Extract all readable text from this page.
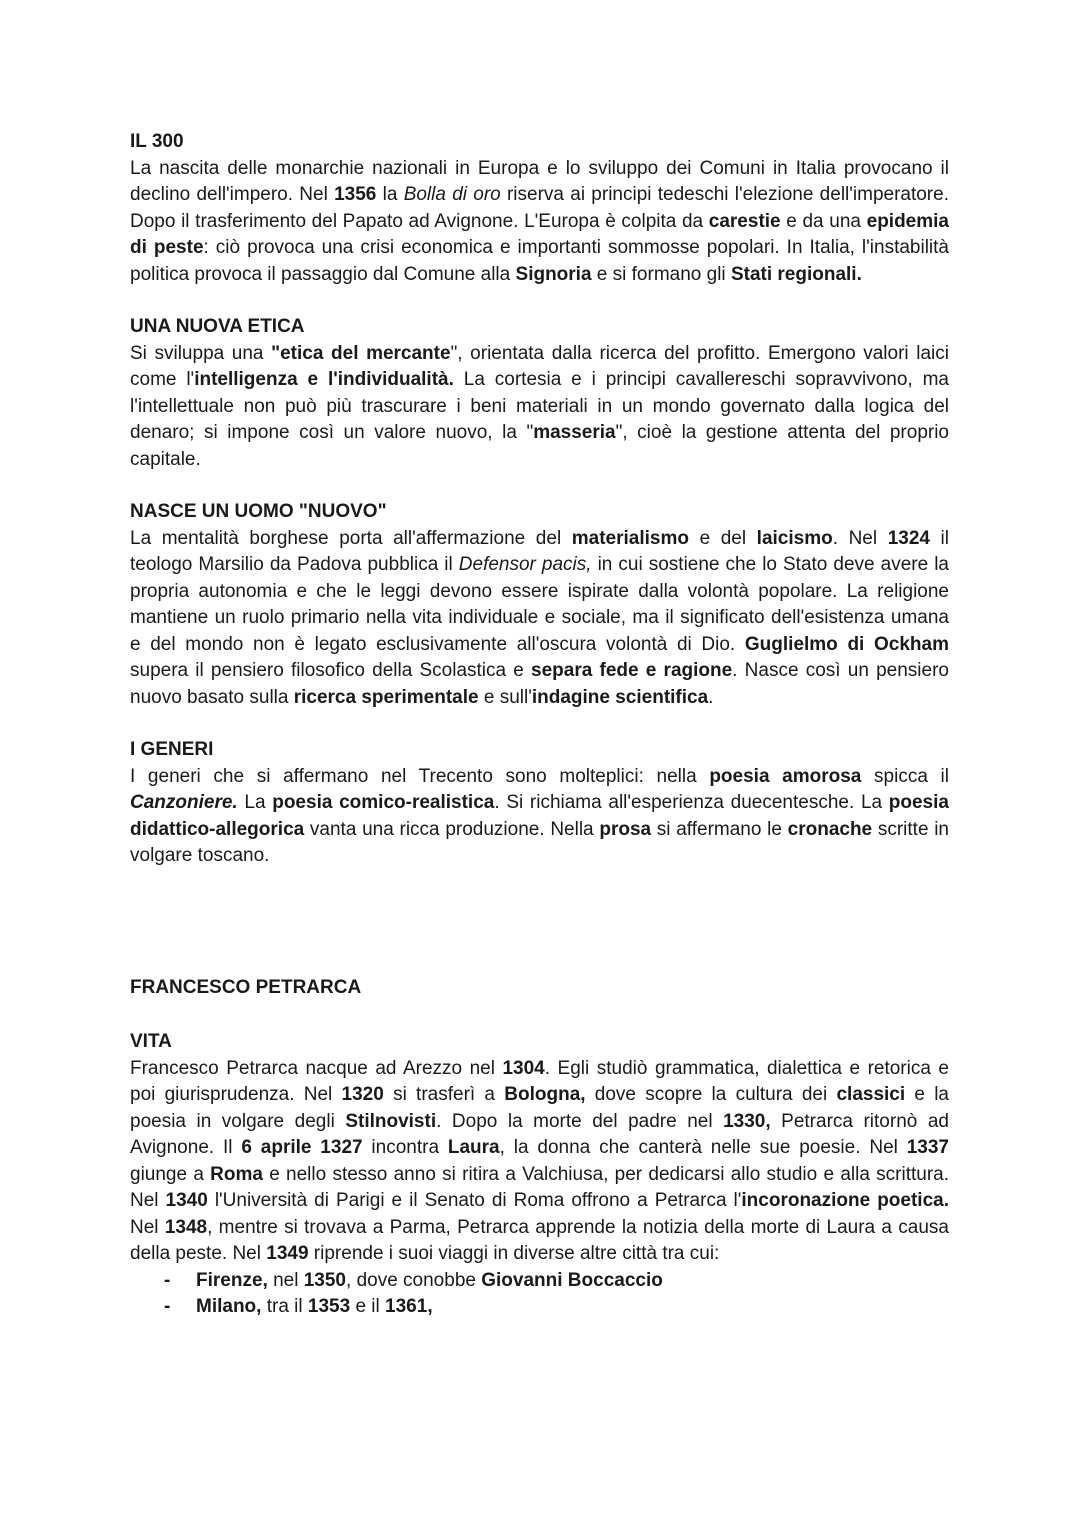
IL 300

La nascita delle monarchie nazionali in Europa e lo sviluppo dei Comuni in Italia provocano il declino dell'impero. Nel 1356 la Bolla di oro riserva ai principi tedeschi l'elezione dell'imperatore. Dopo il trasferimento del Papato ad Avignone. L'Europa è colpita da carestie e da una epidemia di peste: ciò provoca una crisi economica e importanti sommosse popolari. In Italia, l'instabilità politica provoca il passaggio dal Comune alla Signoria e si formano gli Stati regionali.

UNA NUOVA ETICA

Si sviluppa una "etica del mercante", orientata dalla ricerca del profitto. Emergono valori laici come l'intelligenza e l'individualità. La cortesia e i principi cavallereschi sopravvivono, ma l'intellettuale non può più trascurare i beni materiali in un mondo governato dalla logica del denaro; si impone così un valore nuovo, la "masseria", cioè la gestione attenta del proprio capitale.

NASCE UN UOMO "NUOVO"

La mentalità borghese porta all'affermazione del materialismo e del laicismo. Nel 1324 il teologo Marsilio da Padova pubblica il Defensor pacis, in cui sostiene che lo Stato deve avere la propria autonomia e che le leggi devono essere ispirate dalla volontà popolare. La religione mantiene un ruolo primario nella vita individuale e sociale, ma il significato dell'esistenza umana e del mondo non è legato esclusivamente all'oscura volontà di Dio. Guglielmo di Ockham supera il pensiero filosofico della Scolastica e separa fede e ragione. Nasce così un pensiero nuovo basato sulla ricerca sperimentale e sull'indagine scientifica.

I GENERI

I generi che si affermano nel Trecento sono molteplici: nella poesia amorosa spicca il Canzoniere. La poesia comico-realistica. Si richiama all'esperienza duecentesche. La poesia didattico-allegorica vanta una ricca produzione. Nella prosa si affermano le cronache scritte in volgare toscano.

FRANCESCO PETRARCA

VITA

Francesco Petrarca nacque ad Arezzo nel 1304. Egli studiò grammatica, dialettica e retorica e poi giurisprudenza. Nel 1320 si trasferì a Bologna, dove scopre la cultura dei classici e la poesia in volgare degli Stilnovisti. Dopo la morte del padre nel 1330, Petrarca ritornò ad Avignone. Il 6 aprile 1327 incontra Laura, la donna che canterà nelle sue poesie. Nel 1337 giunge a Roma e nello stesso anno si ritira a Valchiusa, per dedicarsi allo studio e alla scrittura. Nel 1340 l'Università di Parigi e il Senato di Roma offrono a Petrarca l'incoronazione poetica. Nel 1348, mentre si trovava a Parma, Petrarca apprende la notizia della morte di Laura a causa della peste. Nel 1349 riprende i suoi viaggi in diverse altre città tra cui:

- Firenze, nel 1350, dove conobbe Giovanni Boccaccio
- Milano, tra il 1353 e il 1361,
